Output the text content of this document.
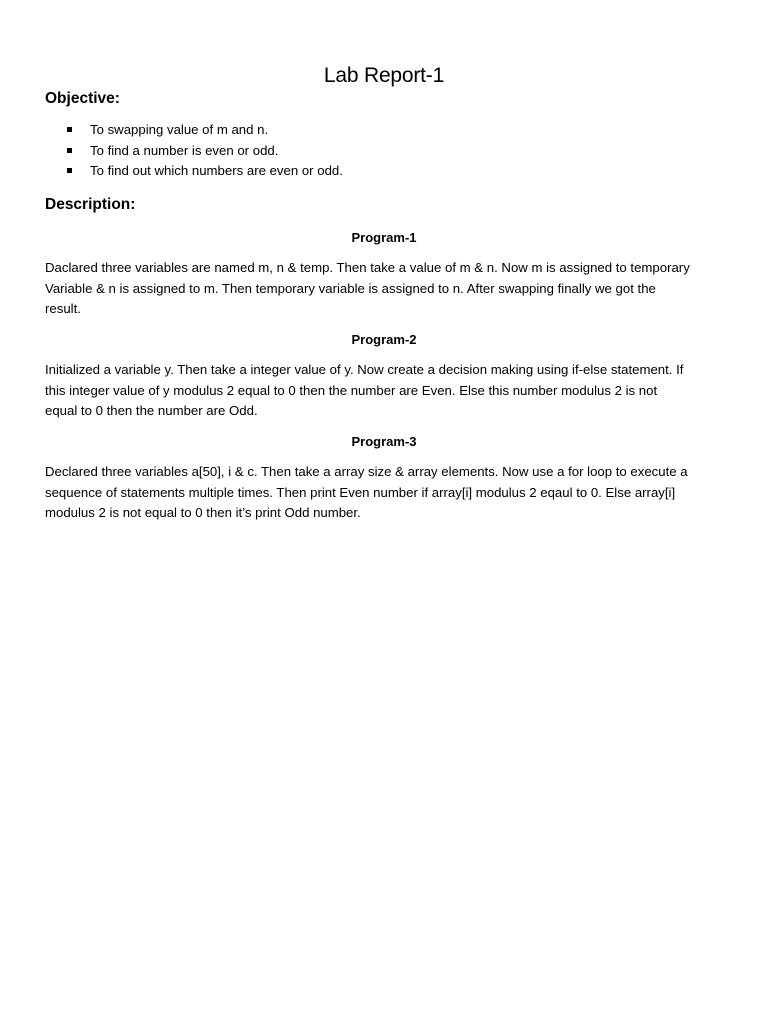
Lab Report-1
Objective:
To swapping value of m and n.
To find a number is even or odd.
To find out which numbers are even or odd.
Description:
Program-1

Daclared three variables are named m, n & temp. Then take a value of m & n. Now m is assigned to temporary
Variable & n is assigned to m. Then temporary variable is assigned to n. After swapping finally we got the
result.

Program-2

Initialized a variable y. Then take a integer value of y. Now create a decision making using if-else statement. If
this integer value of y modulus 2 equal to 0 then the number are Even. Else this number modulus 2 is not
equal to 0 then the number are Odd.

Program-3

Declared three variables a[50], i & c. Then take a array size & array elements. Now use a for loop to execute a
sequence of statements multiple times. Then print Even number if array[i] modulus 2 eqaul to 0. Else array[i]
modulus 2 is not equal to 0 then it’s print Odd number.
